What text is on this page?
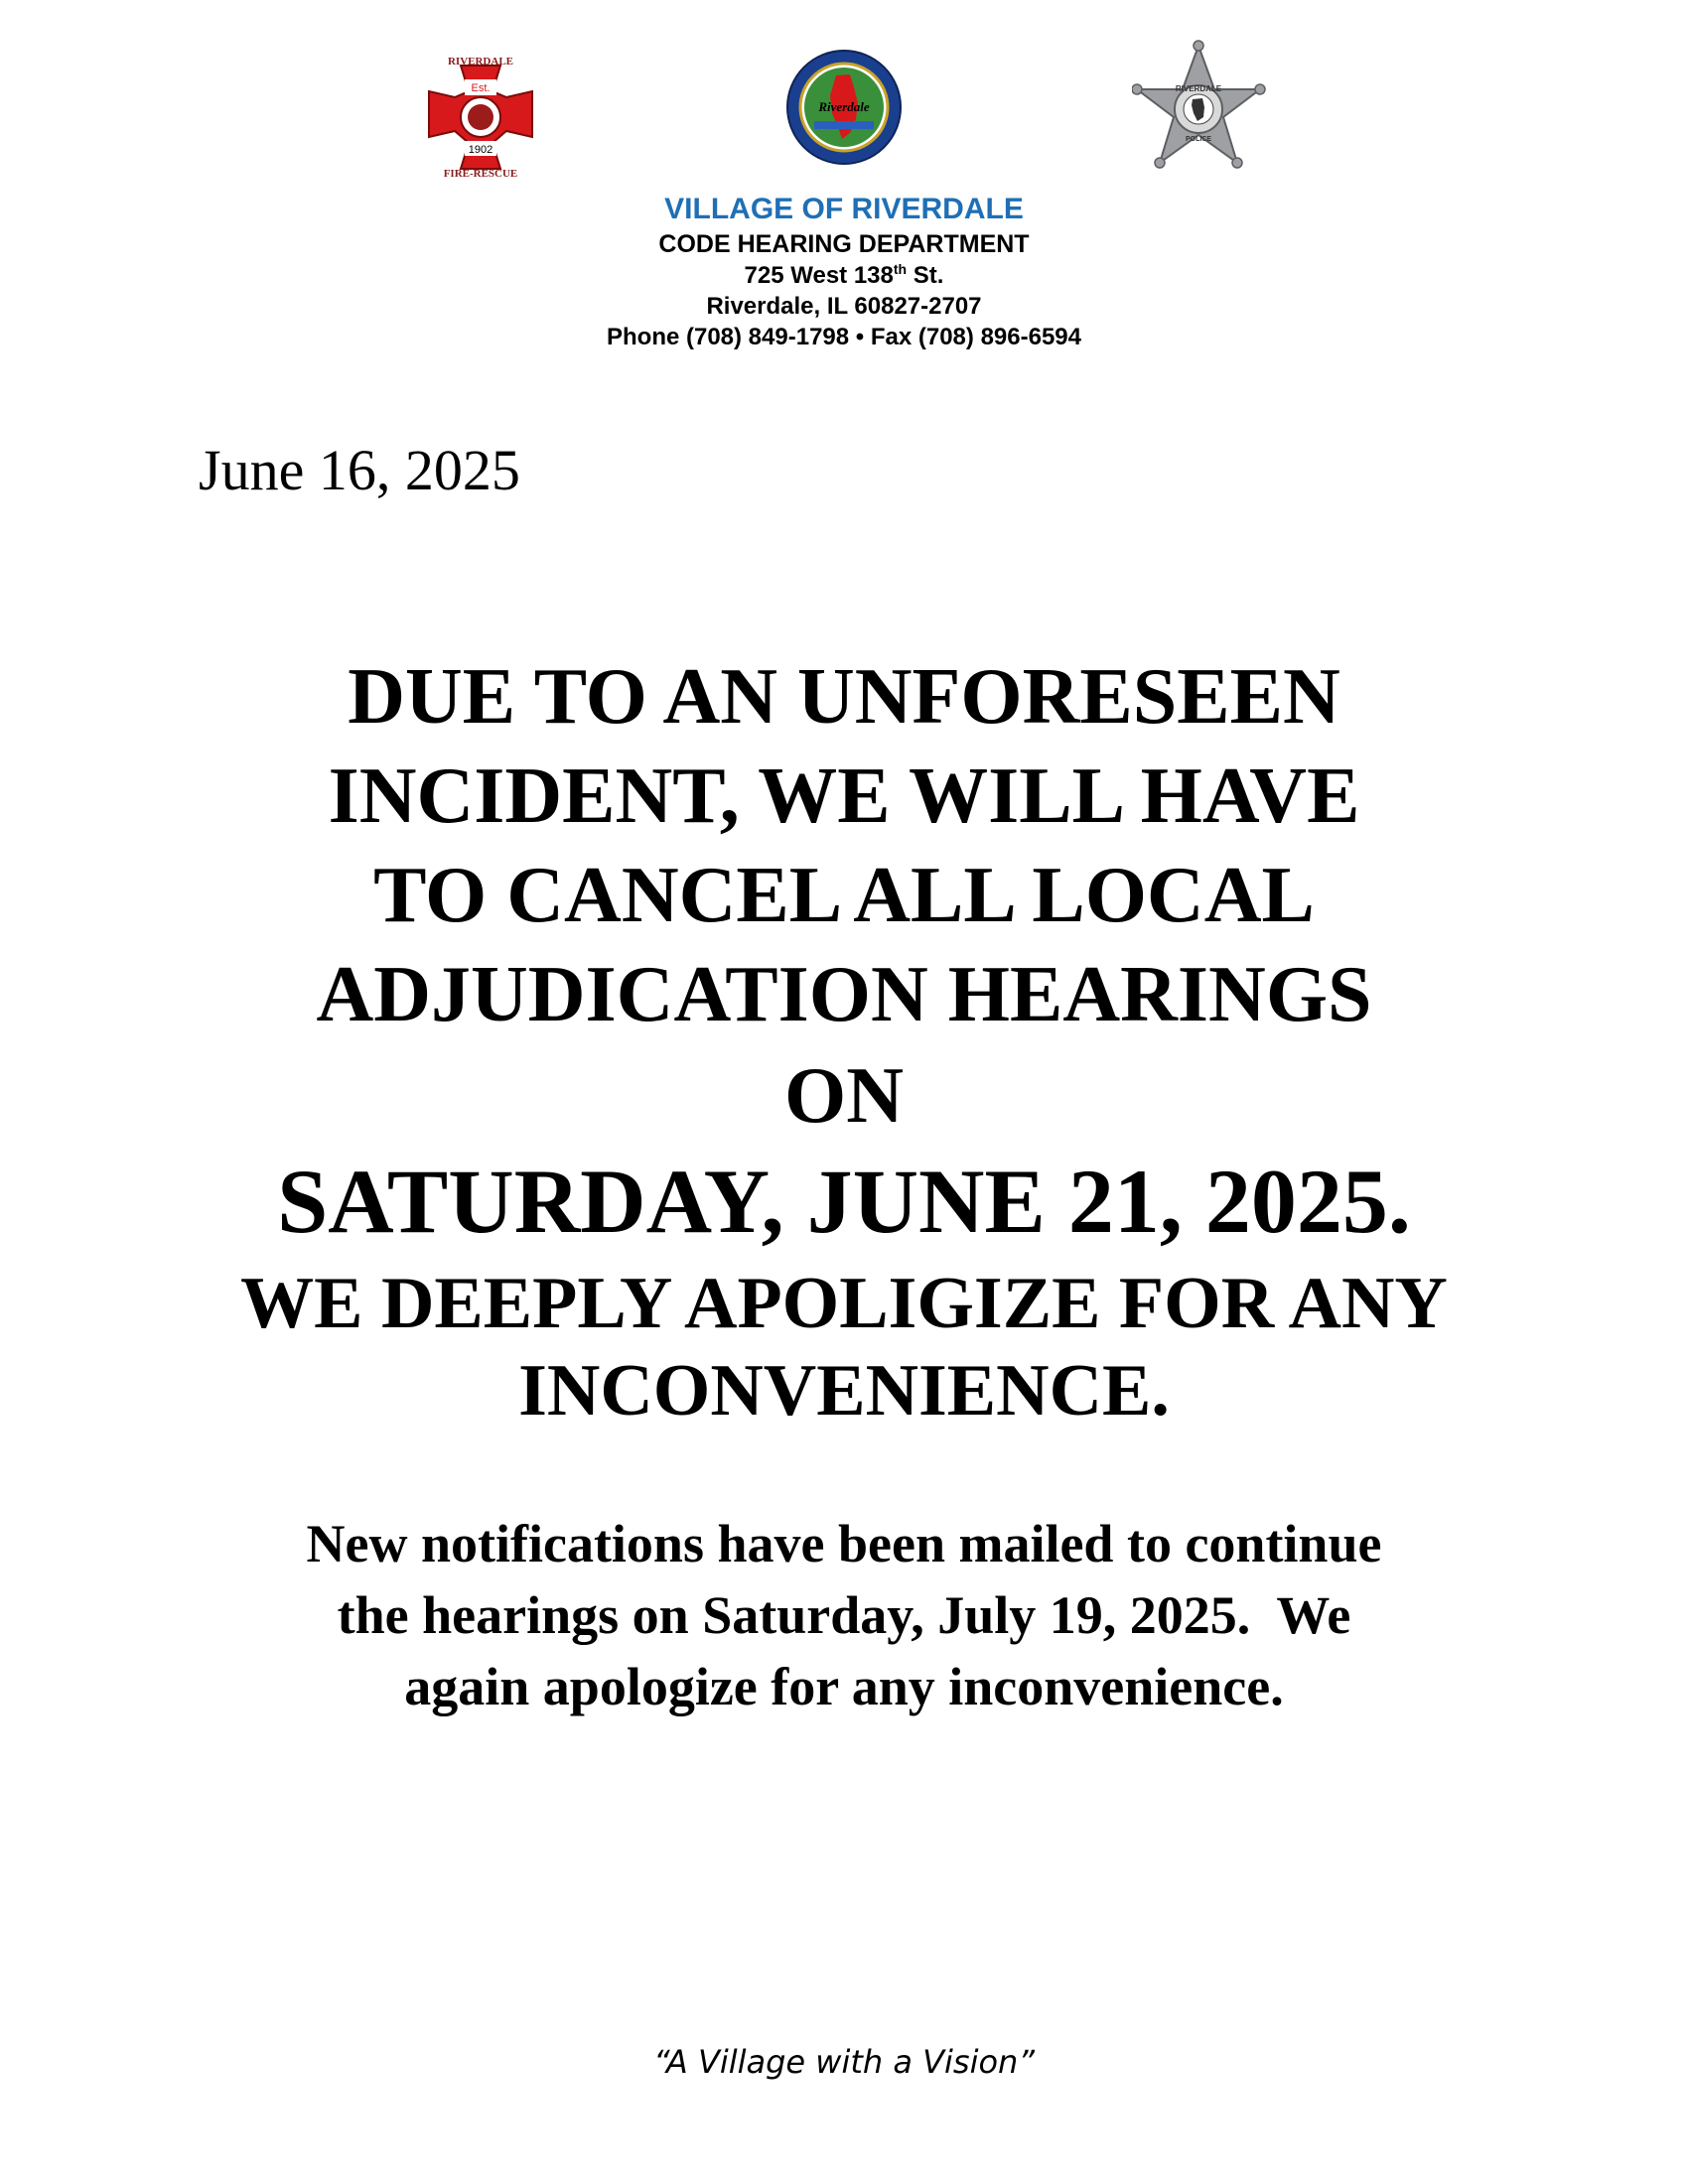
Est.
1902
RIVERDALE
FIRE-RESCUE
Riverdale
RIVERDALE
POLICE
VILLAGE OF RIVERDALE
CODE HEARING DEPARTMENT
725 West 138th St.
Riverdale, IL 60827-2707
Phone (708) 849-1798 • Fax (708) 896-6594
June 16, 2025
DUE TO AN UNFORESEEN
INCIDENT, WE WILL HAVE
TO CANCEL ALL LOCAL
ADJUDICATION HEARINGS
ON
SATURDAY, JUNE 21, 2025.
WE DEEPLY APOLIGIZE FOR ANY
INCONVENIENCE.
New notifications have been mailed to continue
the hearings on Saturday, July 19, 2025.  We
again apologize for any inconvenience.
“A Village with a Vision”
